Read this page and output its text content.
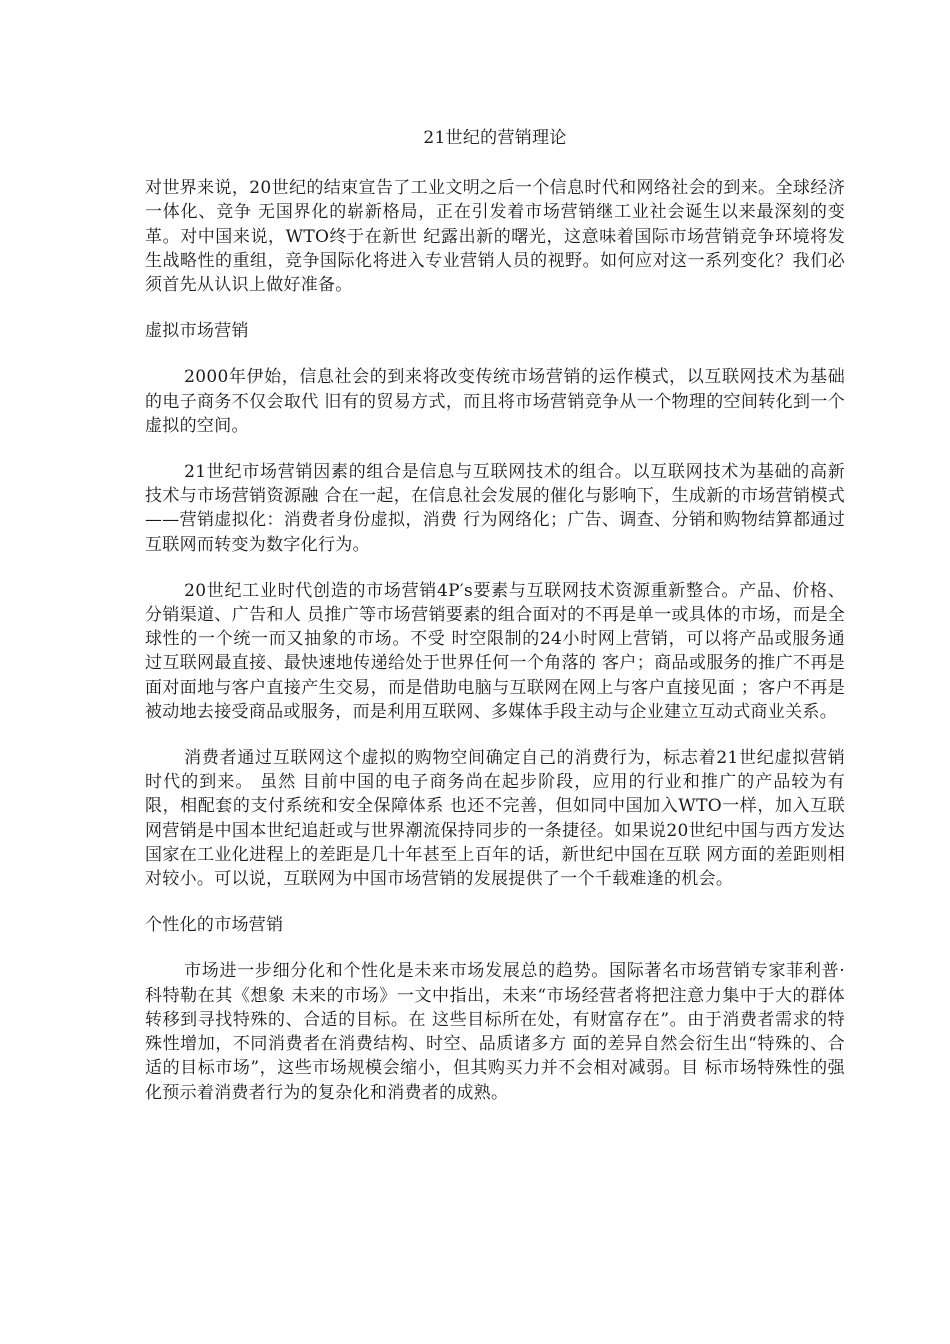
21世纪的营销理论

对世界来说，20世纪的结束宣告了工业文明之后一个信息时代和网络社会的到来。全球经济一体化、竞争 无国界化的崭新格局，正在引发着市场营销继工业社会诞生以来最深刻的变革。对中国来说，WTO终于在新世 纪露出新的曙光，这意味着国际市场营销竞争环境将发生战略性的重组，竞争国际化将进入专业营销人员的视野。如何应对这一系列变化？我们必须首先从认识上做好准备。

虚拟市场营销

2000年伊始，信息社会的到来将改变传统市场营销的运作模式，以互联网技术为基础的电子商务不仅会取代 旧有的贸易方式，而且将市场营销竞争从一个物理的空间转化到一个虚拟的空间。

21世纪市场营销因素的组合是信息与互联网技术的组合。以互联网技术为基础的高新技术与市场营销资源融 合在一起，在信息社会发展的催化与影响下，生成新的市场营销模式——营销虚拟化：消费者身份虚拟，消费 行为网络化；广告、调查、分销和购物结算都通过互联网而转变为数字化行为。

20世纪工业时代创造的市场营销4P′s要素与互联网技术资源重新整合。产品、价格、分销渠道、广告和人 员推广等市场营销要素的组合面对的不再是单一或具体的市场，而是全球性的一个统一而又抽象的市场。不受 时空限制的24小时网上营销，可以将产品或服务通过互联网最直接、最快速地传递给处于世界任何一个角落的 客户；商品或服务的推广不再是面对面地与客户直接产生交易，而是借助电脑与互联网在网上与客户直接见面 ；客户不再是被动地去接受商品或服务，而是利用互联网、多媒体手段主动与企业建立互动式商业关系。

消费者通过互联网这个虚拟的购物空间确定自己的消费行为，标志着21世纪虚拟营销时代的到来。 虽然 目前中国的电子商务尚在起步阶段，应用的行业和推广的产品较为有限，相配套的支付系统和安全保障体系 也还不完善，但如同中国加入WTO一样，加入互联网营销是中国本世纪追赶或与世界潮流保持同步的一条捷径。如果说20世纪中国与西方发达国家在工业化进程上的差距是几十年甚至上百年的话，新世纪中国在互联 网方面的差距则相对较小。可以说，互联网为中国市场营销的发展提供了一个千载难逢的机会。

个性化的市场营销

市场进一步细分化和个性化是未来市场发展总的趋势。国际著名市场营销专家菲利普·科特勒在其《想象 未来的市场》一文中指出，未来“市场经营者将把注意力集中于大的群体转移到寻找特殊的、合适的目标。在 这些目标所在处，有财富存在”。由于消费者需求的特殊性增加，不同消费者在消费结构、时空、品质诸多方 面的差异自然会衍生出“特殊的、合适的目标市场”，这些市场规模会缩小，但其购买力并不会相对减弱。目 标市场特殊性的强化预示着消费者行为的复杂化和消费者的成熟。
